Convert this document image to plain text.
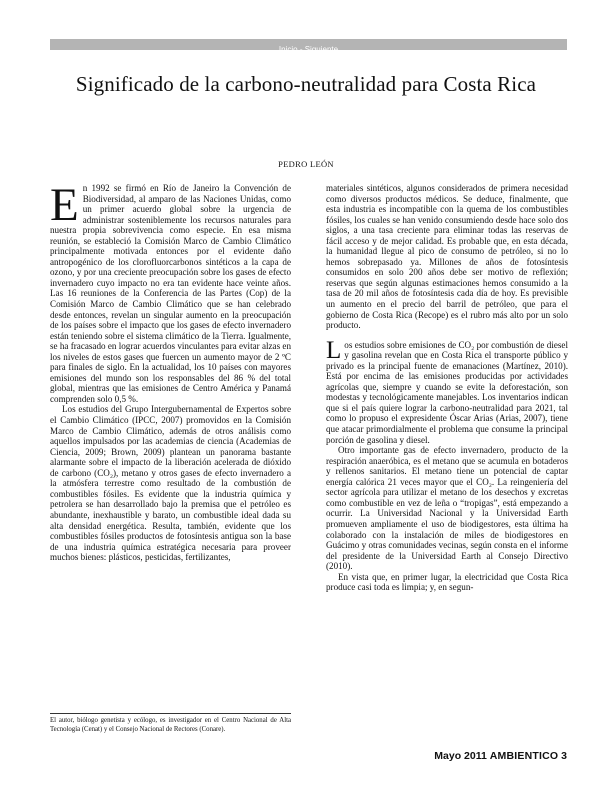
Inicio - Siguiente
Significado de la carbono-neutralidad para Costa Rica
PEDRO LEÓN

En 1992 se firmó en Río de Janeiro la Convención de Biodiversidad, al amparo de las Naciones Unidas, como un primer acuerdo global sobre la urgencia de administrar sosteniblemente los recursos naturales para nuestra propia sobrevivencia como especie. En esa misma reunión, se estableció la Comisión Marco de Cambio Climático principalmente motivada entonces por el evidente daño antropogénico de los clorofluorcarbonos sintéticos a la capa de ozono, y por una creciente preocupación sobre los gases de efecto invernadero cuyo impacto no era tan evidente hace veinte años. Las 16 reuniones de la Conferencia de las Partes (Cop) de la Comisión Marco de Cambio Climático que se han celebrado desde entonces, revelan un singular aumento en la preocupación de los países sobre el impacto que los gases de efecto invernadero están teniendo sobre el sistema climático de la Tierra. Igualmente, se ha fracasado en lograr acuerdos vinculantes para evitar alzas en los niveles de estos gases que fuercen un aumento mayor de 2 ºC para finales de siglo. En la actualidad, los 10 países con mayores emisiones del mundo son los responsables del 86 % del total global, mientras que las emisiones de Centro América y Panamá comprenden solo 0,5 %.

Los estudios del Grupo Intergubernamental de Expertos sobre el Cambio Climático (IPCC, 2007) promovidos en la Comisión Marco de Cambio Climático, además de otros análisis como aquellos impulsados por las academias de ciencia (Academias de Ciencia, 2009; Brown, 2009) plantean un panorama bastante alarmante sobre el impacto de la liberación acelerada de dióxido de carbono (CO₂), metano y otros gases de efecto invernadero a la atmósfera terrestre como resultado de la combustión de combustibles fósiles. Es evidente que la industria química y petrolera se han desarrollado bajo la premisa que el petróleo es abundante, inexhaustible y barato, un combustible ideal dada su alta densidad energética. Resulta, también, evidente que los combustibles fósiles productos de fotosíntesis antigua son la base de una industria química estratégica necesaria para proveer muchos bienes: plásticos, pesticidas, fertilizantes,

materiales sintéticos, algunos considerados de primera necesidad como diversos productos médicos. Se deduce, finalmente, que esta industria es incompatible con la quema de los combustibles fósiles, los cuales se han venido consumiendo desde hace solo dos siglos, a una tasa creciente para eliminar todas las reservas de fácil acceso y de mejor calidad. Es probable que, en esta década, la humanidad llegue al pico de consumo de petróleo, si no lo hemos sobrepasado ya. Millones de años de fotosíntesis consumidos en solo 200 años debe ser motivo de reflexión; reservas que según algunas estimaciones hemos consumido a la tasa de 20 mil años de fotosíntesis cada día de hoy. Es previsible un aumento en el precio del barril de petróleo, que para el gobierno de Costa Rica (Recope) es el rubro más alto por un solo producto.

Los estudios sobre emisiones de CO₂ por combustión de diesel y gasolina revelan que en Costa Rica el transporte público y privado es la principal fuente de emanaciones (Martínez, 2010). Está por encima de las emisiones producidas por actividades agrícolas que, siempre y cuando se evite la deforestación, son modestas y tecnológicamente manejables. Los inventarios indican que si el país quiere lograr la carbono-neutralidad para 2021, tal como lo propuso el expresidente Óscar Arias (Arias, 2007), tiene que atacar primordialmente el problema que consume la principal porción de gasolina y diesel.

Otro importante gas de efecto invernadero, producto de la respiración anaeróbica, es el metano que se acumula en botaderos y rellenos sanitarios. El metano tiene un potencial de captar energía calórica 21 veces mayor que el CO₂. La reingeniería del sector agrícola para utilizar el metano de los desechos y excretas como combustible en vez de leña o “tropigas”, está empezando a ocurrir. La Universidad Nacional y la Universidad Earth promueven ampliamente el uso de biodigestores, esta última ha colaborado con la instalación de miles de biodigestores en Guácimo y otras comunidades vecinas, según consta en el informe del presidente de la Universidad Earth al Consejo Directivo (2010).

En vista que, en primer lugar, la electricidad que Costa Rica produce casi toda es limpia; y, en segun-

El autor, biólogo genetista y ecólogo, es investigador en el Centro Nacional de Alta Tecnología (Cenat) y el Consejo Nacional de Rectores (Conare).
Mayo 2011 AMBIENTICO 3
